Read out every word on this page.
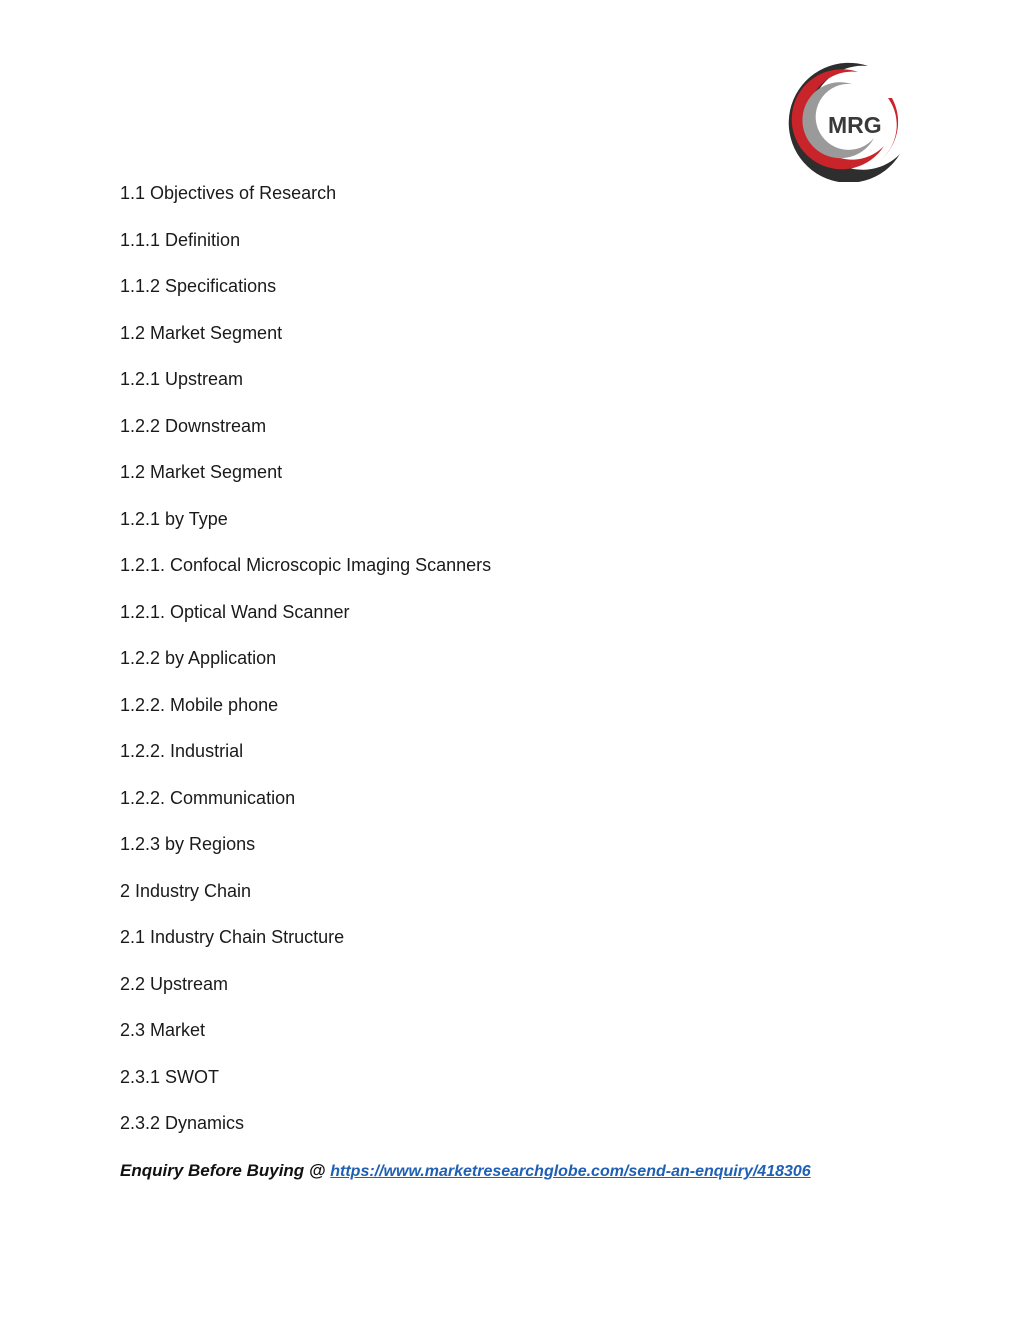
MRG
1.1 Objectives of Research
1.1.1 Definition
1.1.2 Specifications
1.2 Market Segment
1.2.1 Upstream
1.2.2 Downstream
1.2 Market Segment
1.2.1 by Type
1.2.1. Confocal Microscopic Imaging Scanners
1.2.1. Optical Wand Scanner
1.2.2 by Application
1.2.2. Mobile phone
1.2.2. Industrial
1.2.2. Communication
1.2.3 by Regions
2 Industry Chain
2.1 Industry Chain Structure
2.2 Upstream
2.3 Market
2.3.1 SWOT
2.3.2 Dynamics
Enquiry Before Buying @ https://www.marketresearchglobe.com/send-an-enquiry/418306
